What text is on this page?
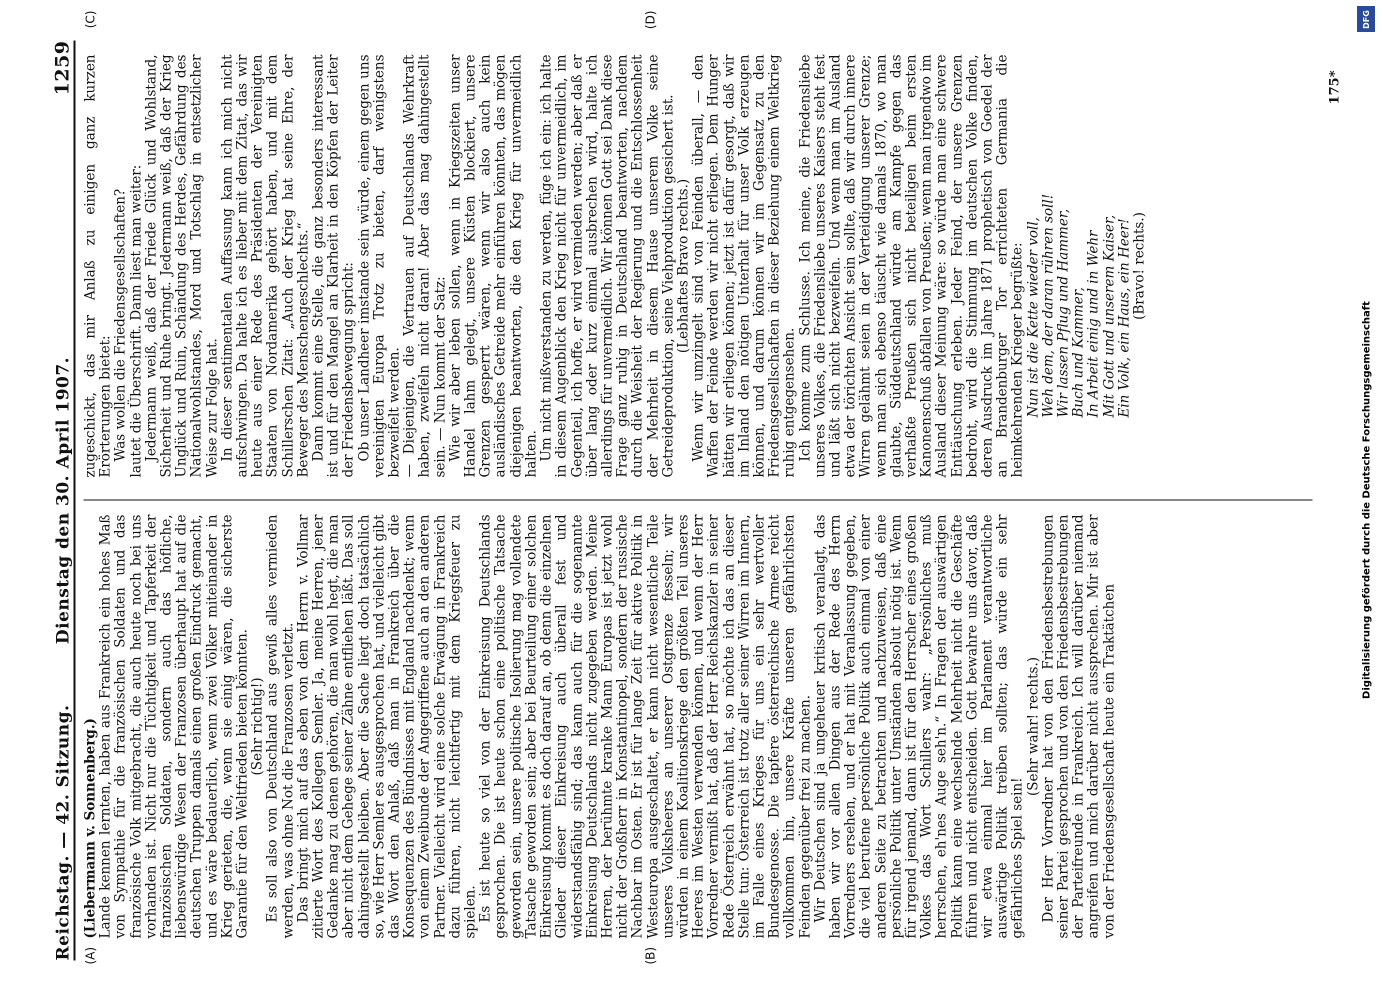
Reichstag. — 42. Sitzung.
Dienstag den 30. April 1907.
1259
(A)	(B)

(Liebermann v. Sonnenberg.) Lande kennen lernten, haben aus Frankreich ein hohes Maß von Sympathie für die französischen Soldaten und das französische Volk mitgebracht, die auch heute noch bei uns vorhanden ist. Nicht nur die Tüchtigkeit und Tapferkeit der französischen Soldaten, sondern auch das höfliche, liebenswürdige Wesen der Franzosen überhaupt hat auf die deutschen Truppen damals einen großen Eindruck gemacht, und es wäre bedauerlich, wenn zwei Völker miteinander in Krieg gerieten, die, wenn sie einig wären, die sicherste Garantie für den Weltfrieden bieten könnten. (Sehr richtig!) Es soll also von Deutschland aus gewiß alles vermieden werden, was ohne Not die Franzosen verletzt. Das bringt mich auf das eben von dem Herrn v. Vollmar zitierte Wort des Kollegen Semler. Ja, meine Herren, jener Gedanke mag zu denen gehören, die man wohl hegt, die man aber nicht dem Gehege seiner Zähne entfliehen läßt. Das soll dahingestellt bleiben. Aber die Sache liegt doch tatsächlich so, wie Herr Semler es ausgesprochen hat, und vielleicht gibt das Wort den Anlaß, daß man in Frankreich über die Konsequenzen des Bündnisses mit England nachdenkt; wenn von einem Zweibunde der Angegriffene auch an den anderen Partner. Vielleicht wird eine solche Erwägung in Frankreich dazu führen, nicht leichtfertig mit dem Kriegsfeuer zu spielen. Es ist heute so viel von der Einkreisung Deutschlands gesprochen. Die ist heute schon eine politische Tatsache geworden sein, unsere politische Isolierung mag vollendete Tatsache geworden sein; aber bei Beurteilung einer solchen Einkreisung kommt es doch darauf an, ob denn die einzelnen Glieder dieser Einkreisung auch überall fest und widerstandsfähig sind; das kann auch für die sogenannte Einkreisung Deutschlands nicht zugegeben werden. Meine Herren, der berühmte kranke Mann Europas ist jetzt wohl nicht der Großherr in Konstantinopel, sondern der russische Nachbar im Osten. Er ist für lange Zeit für aktive Politik in Westeuropa ausgeschaltet, er kann nicht wesentliche Teile unseres Volksheeres an unserer Ostgrenze fesseln; wir würden in einem Koalitionskriege den größten Teil unseres Heeres im Westen verwenden können, und wenn der Herr Vorredner vermißt hat, daß der Herr Reichskanzler in seiner Rede Österreich erwähnt hat, so möchte ich das an dieser Stelle tun: Österreich ist trotz aller seiner Wirren im Innern, im Falle eines Krieges für uns ein sehr wertvoller Bundesgenosse. Die tapfere österreichische Armee reicht vollkommen hin, unsere Kräfte unseren gefährlichsten Feinden gegenüber frei zu machen. Wir Deutschen sind ja ungeheuer kritisch veranlagt, das haben wir vor allen Dingen aus der Rede des Herrn Vorredners ersehen, und er hat mit Veranlassung gegeben, die viel berufene persönliche Politik auch einmal von einer anderen Seite zu betrachten und nachzuweisen, daß eine persönliche Politik unter Umständen absolut nötig ist. Wenn für irgend jemand, dann ist für den Herrscher eines großen Volkes das Wort Schillers wahr: „Persönliches muß herrschen, eh'nes Auge seh'n.“ In Fragen der auswärtigen Politik kann eine wechselnde Mehrheit nicht die Geschäfte führen und nicht entscheiden. Gott bewahre uns davor, daß wir etwa einmal hier im Parlament verantwortliche auswärtige Politik treiben sollten; das würde ein sehr gefährliches Spiel sein!

(Sehr wahr! rechts.) Der Herr Vorredner hat von den Friedensbestrebungen seiner Partei gesprochen und von den Friedensbestrebungen der Parteifreunde in Frankreich. Ich will darüber niemand angreifen und mich darüber nicht aussprechen. Mir ist aber von der Friedensgesellschaft heute ein Traktätchen

(C)	(D)

zugeschickt, das mir Anlaß zu einigen ganz kurzen Erörterungen bietet: Was wollen die Friedensgesellschaften? lautet die Überschrift. Dann liest man weiter: Jedermann weiß, daß der Friede Glück und Wohlstand, Sicherheit und Ruhe bringt. Jedermann weiß, daß der Krieg Unglück und Ruin, Schändung des Herdes, Gefährdung des Nationalwohlstandes, Mord und Totschlag in entsetzlicher Weise zur Folge hat. In dieser sentimentalen Auffassung kann ich mich nicht aufschwingen. Da halte ich es lieber mit dem Zitat, das wir heute aus einer Rede des Präsidenten der Vereinigten Staaten von Nordamerika gehört haben, und mit dem Schillerschen Zitat: „Auch der Krieg hat seine Ehre, der Beweger des Menschengeschlechts.“ Dann kommt eine Stelle, die ganz besonders interessant ist und für den Mangel an Klarheit in den Köpfen der Leiter der Friedensbewegung spricht: Ob unser Landheer imstande sein würde, einem gegen uns vereinigten Europa Trotz zu bieten, darf wenigstens bezweifelt werden. — Diejenigen, die Vertrauen auf Deutschlands Wehrkraft haben, zweifeln nicht daran! Aber das mag dahingestellt sein. — Nun kommt der Satz: Wie wir aber leben sollen, wenn in Kriegszeiten unser Handel lahm gelegt, unsere Küsten blockiert, unsere Grenzen gesperrt wären, wenn wir also auch kein ausländisches Getreide mehr einführen könnten, das mögen diejenigen beantworten, die den Krieg für unvermeidlich halten. Um nicht mißverstanden zu werden, füge ich ein: ich halte in diesem Augenblick den Krieg nicht für unvermeidlich, im Gegenteil, ich hoffe, er wird vermieden werden; aber daß er über lang oder kurz einmal ausbrechen wird, halte ich allerdings für unvermeidlich. Wir können Gott sei Dank diese Frage ganz ruhig in Deutschland beantworten, nachdem durch die Weisheit der Regierung und die Entschlossenheit der Mehrheit in diesem Hause unserem Volke seine Getreideproduktion, seine Viehproduktion gesichert ist. (Lebhaftes Bravo rechts.) Wenn wir umzingelt sind von Feinden überall, — den Waffen der Feinde werden wir nicht erliegen. Dem Hunger hätten wir erliegen können; jetzt ist dafür gesorgt, daß wir im Inland den nötigen Unterhalt für unser Volk erzeugen können, und darum können wir im Gegensatz zu den Friedensgesellschaften in dieser Beziehung einem Weltkrieg ruhig entgegensehen. Ich komme zum Schlusse. Ich meine, die Friedensliebe unseres Volkes, die Friedensliebe unseres Kaisers steht fest und läßt sich nicht bezweifeln. Und wenn man im Ausland etwa der törichten Ansicht sein sollte, daß wir durch innere Wirren gelähmt seien in der Verteidigung unserer Grenze; wenn man sich ebenso täuscht wie damals 1870, wo man glaubte, Süddeutschland würde am Kampfe gegen das verhaßte Preußen sich nicht beteiligen beim ersten Kanonenschuß abfallen von Preußen; wenn man irgendwo im Ausland dieser Meinung wäre: so würde man eine schwere Enttäuschung erleben. Jeder Feind, der unsere Grenzen bedroht, wird die Stimmung im deutschen Volke finden, deren Ausdruck im Jahre 1871 prophetisch von Goedel der an Brandenburger Tor errichteten Germania die heimkehrenden Krieger begrüßte: Nun ist die Kette wieder voll, Weh dem, der daran rühren soll! Wir lassen Pflug und Hammer, Buch und Kammer, In Arbeit einig und in Wehr Mit Gott und unserem Kaiser, Ein Volk, ein Haus, ein Heer! (Bravo! rechts.)

175*
DFG
Digitalisierung gefördert durch die Deutsche Forschungsgemeinschaft
